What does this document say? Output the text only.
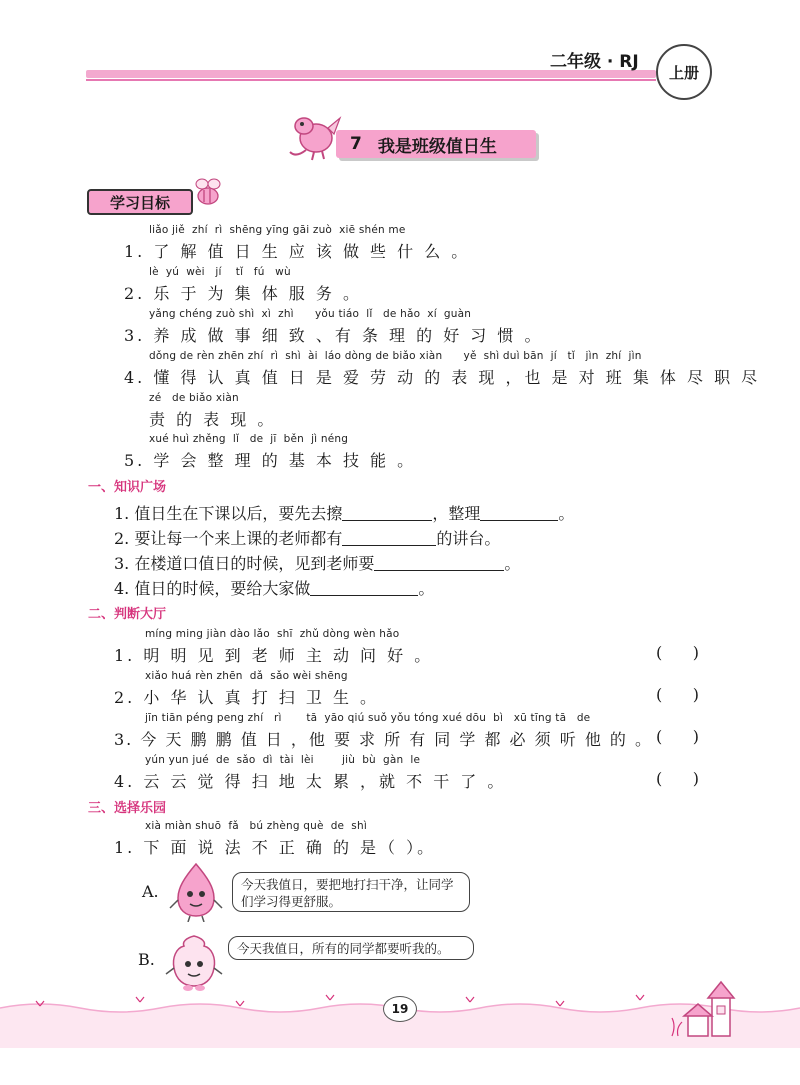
二年级 · RJ
上册
7 我是班级值日生
学习目标
liǎo jiě  zhí  rì  shēng yīng gāi zuò  xiē shén me
1. 了 解 值 日 生 应 该 做 些 什 么 。
lè  yú  wèi   jí    tǐ   fú   wù
2. 乐 于 为 集 体 服 务 。
yǎng chéng zuò shì  xì  zhì      yǒu tiáo  lǐ   de hǎo  xí  guàn
3. 养 成 做 事 细 致 、有 条 理 的 好 习 惯 。
dǒng de rèn zhēn zhí  rì  shì  ài  láo dòng de biǎo xiàn      yě  shì duì bān  jí   tǐ   jìn  zhí  jìn
4. 懂 得 认 真 值 日 是 爱 劳 动 的 表 现 ，也 是 对 班 集 体 尽 职 尽
zé   de biǎo xiàn
责 的 表 现 。
xué huì zhěng  lǐ   de  jī  běn  jì néng
5. 学 会 整 理 的 基 本 技 能 。
一、知识广场
1. 值日生在下课以后，要先去擦	，整理	。
2. 要让每一个来上课的老师都有	的讲台。
3. 在楼道口值日的时候，见到老师要	。
4. 值日的时候，要给大家做	。
二、判断大厅
míng ming jiàn dào lǎo  shī  zhǔ dòng wèn hǎo
1. 明 明 见 到 老 师 主 动 问 好 。	(      )
xiǎo huá rèn zhēn  dǎ  sǎo wèi shēng
2. 小 华 认 真 打 扫 卫 生 。	(      )
jīn tiān péng peng zhí   rì       tā  yāo qiú suǒ yǒu tóng xué dōu  bì   xū tīng tā   de
3. 今 天 鹏 鹏 值 日 ，他 要 求 所 有 同 学 都 必 须 听 他 的 。 (      )
yún yun jué  de  sǎo  dì  tài  lèi        jiù  bù  gàn  le
4. 云 云 觉 得 扫 地 太 累 ，就 不 干 了 。	(      )
三、选择乐园
xià miàn shuō  fǎ   bú zhèng què  de  shì
1. 下 面 说 法 不 正 确 的 是（ ）。
A.	今天我值日，要把地打扫干净，让同学们学习得更舒服。
B.
今天我值日，所有的同学都要听我的。
19
